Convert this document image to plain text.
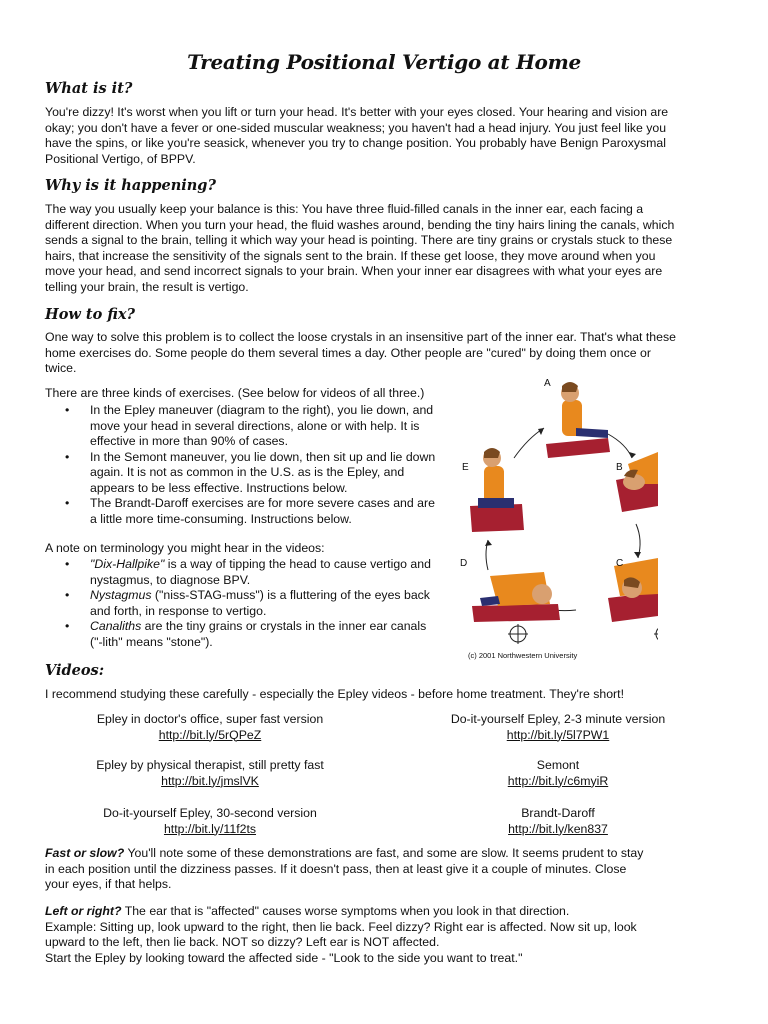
Treating Positional Vertigo at Home
What is it?
You're dizzy! It's worst when you lift or turn your head. It's better with your eyes closed. Your hearing and vision are
okay; you don't have a fever or one-sided muscular weakness; you haven't had a head injury. You just feel like you
have the spins, or like you're seasick, whenever you try to change position. You probably have Benign Paroxysmal
Positional Vertigo, of BPPV.
Why is it happening?
The way you usually keep your balance is this: You have three fluid-filled canals in the inner ear, each facing a
different direction. When you turn your head, the fluid washes around, bending the tiny hairs lining the canals, which
sends a signal to the brain, telling it which way your head is pointing. There are tiny grains or crystals stuck to these
hairs, that increase the sensitivity of the signals sent to the brain. If these get loose, they move around when you
move your head, and send incorrect signals to your brain. When your inner ear disagrees with what your eyes are
telling your brain, the result is vertigo.
How to fix?
One way to solve this problem is to collect the loose crystals in an insensitive part of the inner ear. That's what these
home exercises do. Some people do them several times a day. Other people are "cured" by doing them once or
twice.
There are three kinds of exercises. (See below for videos of all three.)
• In the Epley maneuver (diagram to the right), you lie down, and
move your head in several directions, alone or with help. It is
effective in more than 90% of cases.
• In the Semont maneuver, you lie down, then sit up and lie down
again. It is not as common in the U.S. as is the Epley, and
appears to be less effective. Instructions below.
• The Brandt-Daroff exercises are for more severe cases and are
a little more time-consuming. Instructions below.
A note on terminology you might hear in the videos:
• "Dix-Hallpike" is a way of tipping the head to cause vertigo and
nystagmus, to diagnose BPV.
• Nystagmus ("niss-STAG-muss") is a fluttering of the eyes back
and forth, in response to vertigo.
• Canaliths are the tiny grains or crystals in the inner ear canals
("-lith" means "stone").
A
B
C
D
E
(c) 2001 Northwestern University
Videos:
I recommend studying these carefully - especially the Epley videos - before home treatment. They're short!
Epley in doctor's office, super fast version
http://bit.ly/5rQPeZ
Do-it-yourself Epley, 2-3 minute version
http://bit.ly/5l7PW1
Epley by physical therapist, still pretty fast
http://bit.ly/jmslVK
Semont
http://bit.ly/c6myiR
Do-it-yourself Epley, 30-second version
http://bit.ly/11f2ts
Brandt-Daroff
http://bit.ly/ken837
Fast or slow? You'll note some of these demonstrations are fast, and some are slow. It seems prudent to stay
in each position until the dizziness passes. If it doesn't pass, then at least give it a couple of minutes. Close
your eyes, if that helps.
Left or right? The ear that is "affected" causes worse symptoms when you look in that direction.
Example: Sitting up, look upward to the right, then lie back. Feel dizzy? Right ear is affected. Now sit up, look
upward to the left, then lie back. NOT so dizzy? Left ear is NOT affected.
Start the Epley by looking toward the affected side - "Look to the side you want to treat."
